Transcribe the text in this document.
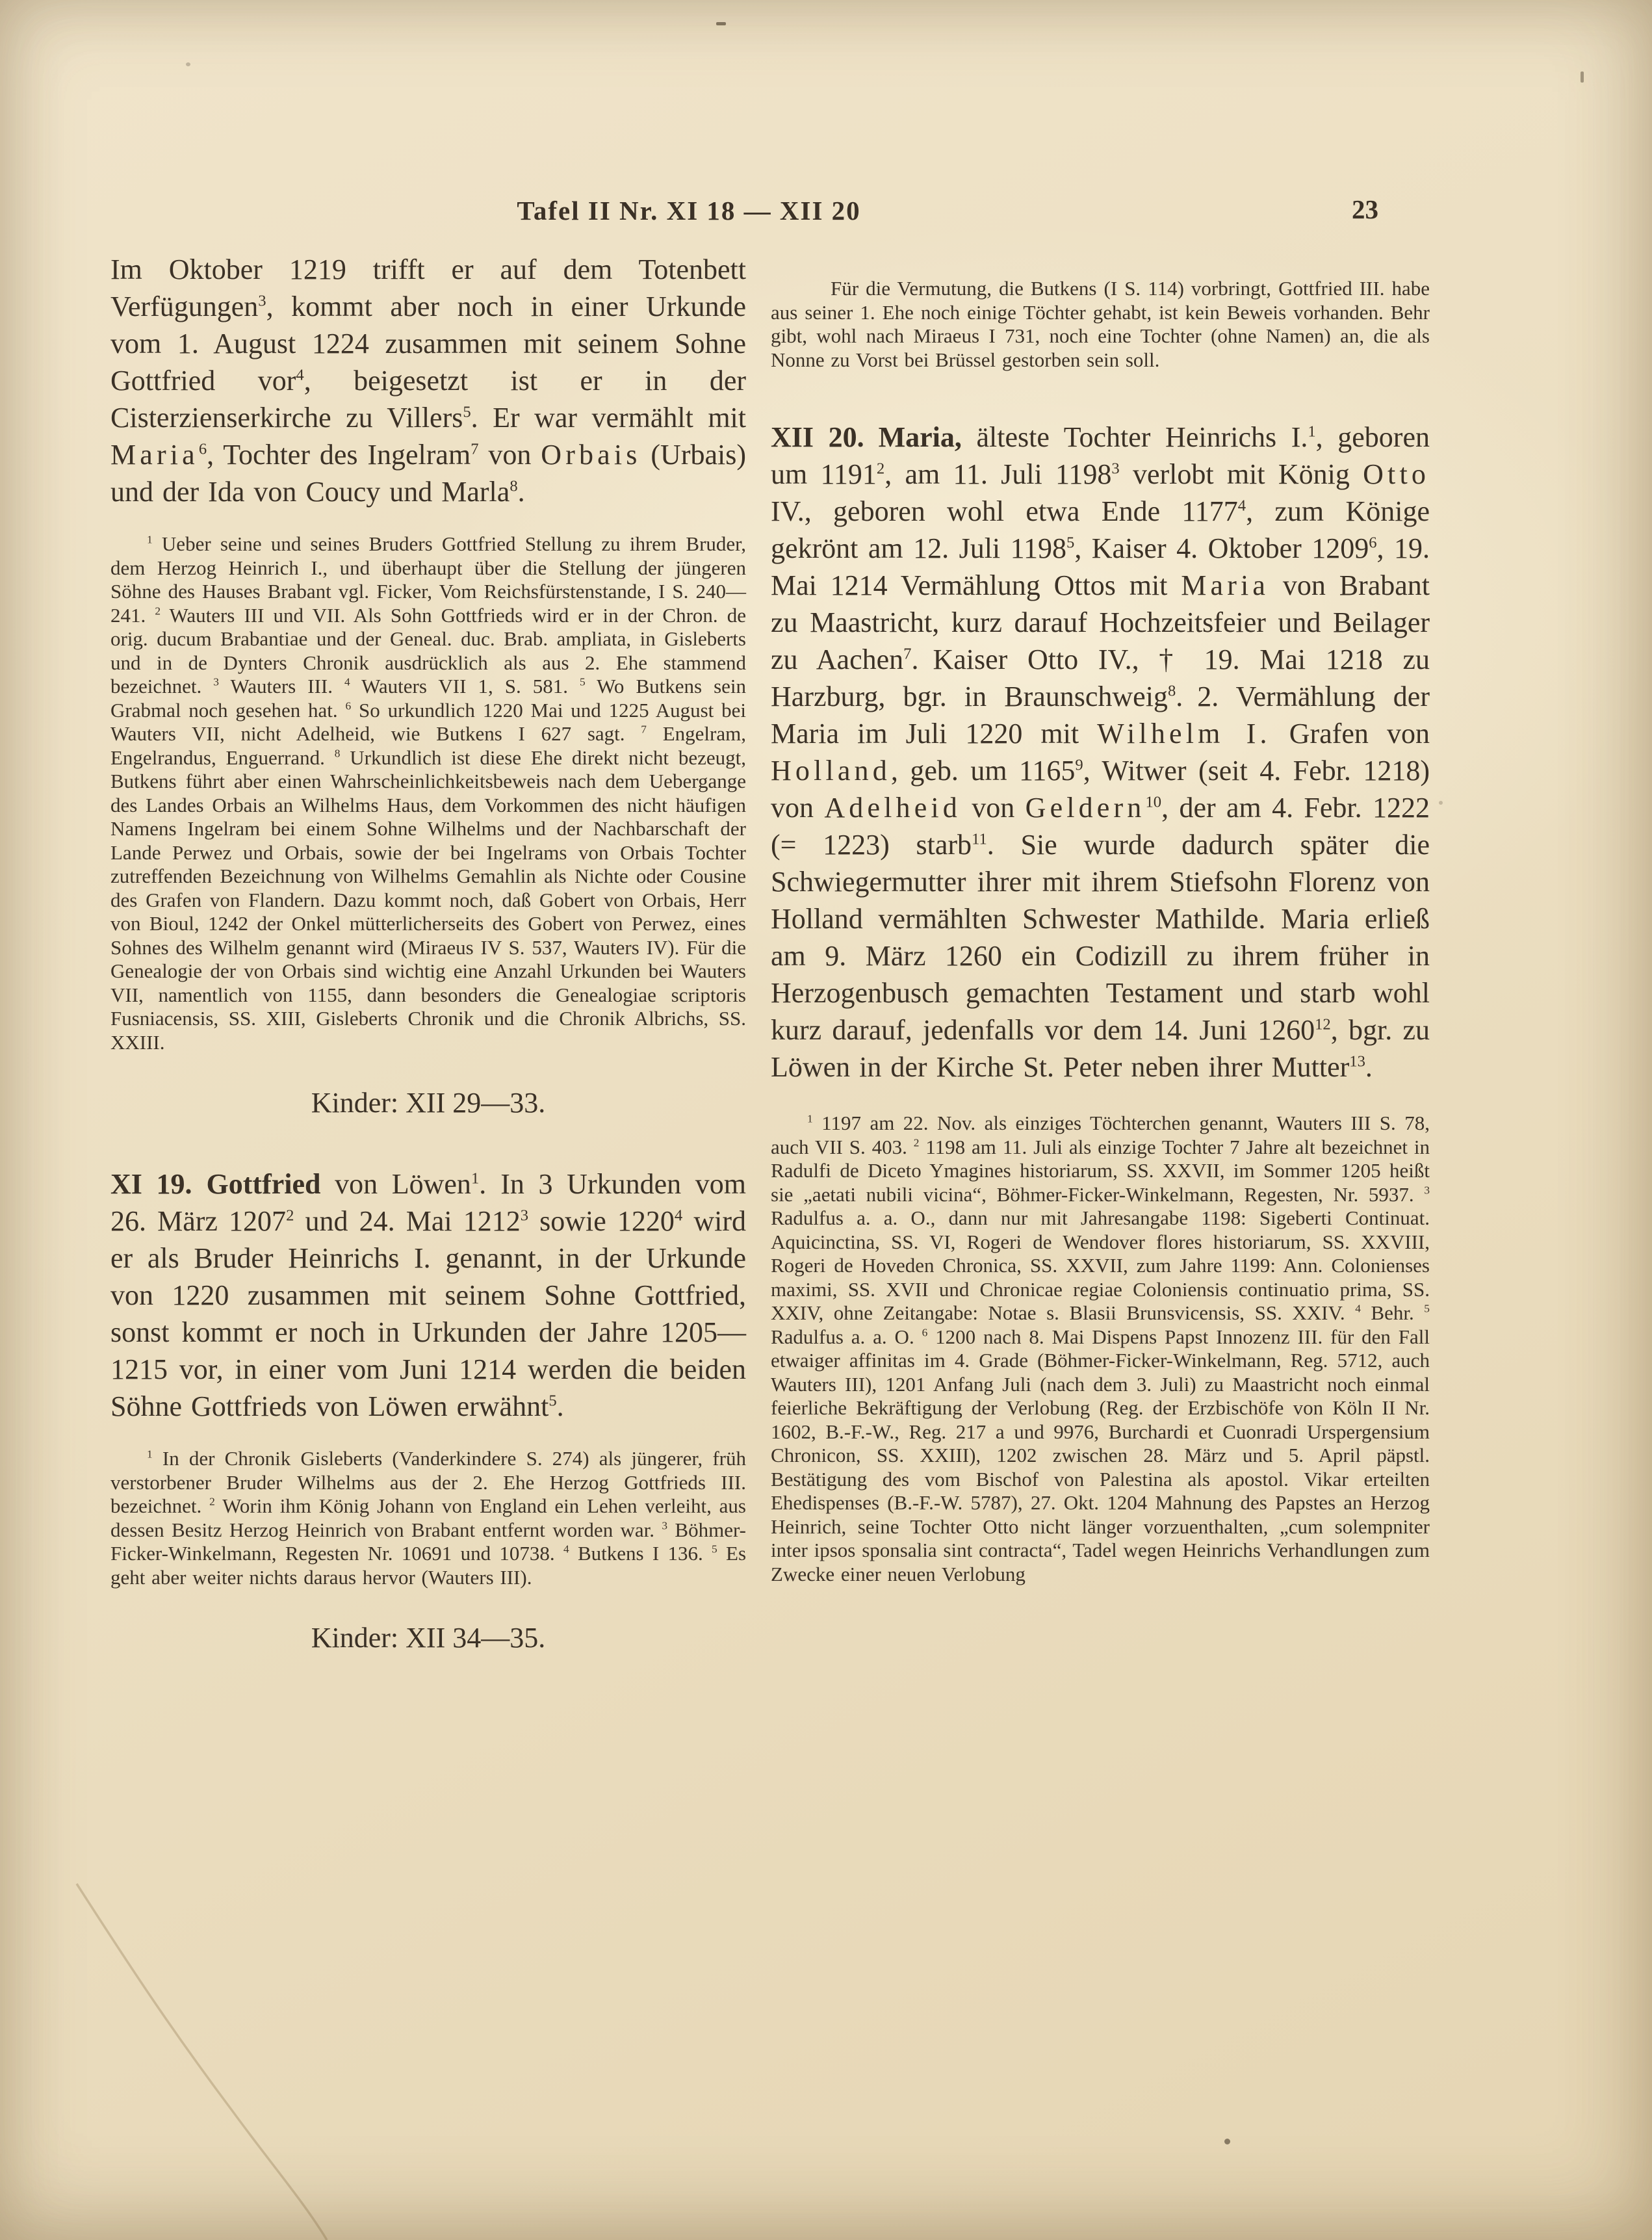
Tafel II Nr. XI 18 — XII 20	23

Im Oktober 1219 trifft er auf dem Totenbett Verfügungen$^3$, kommt aber noch in einer Urkunde vom 1. August 1224 zusammen mit seinem Sohne Gottfried vor$^4$, beigesetzt ist er in der Cisterzienserkirche zu Villers$^5$. Er war vermählt mit Maria$^6$, Tochter des Ingelram$^7$ von Orbais (Urbais) und der Ida von Coucy und Marla$^8$.

$^1$ Ueber seine und seines Bruders Gottfried Stellung zu ihrem Bruder, dem Herzog Heinrich I., und überhaupt über die Stellung der jüngeren Söhne des Hauses Brabant vgl. Ficker, Vom Reichsfürstenstande, I S. 240—241. $^2$ Wauters III und VII. Als Sohn Gottfrieds wird er in der Chron. de orig. ducum Brabantiae und der Geneal. duc. Brab. ampliata, in Gisleberts und in de Dynters Chronik ausdrücklich als aus 2. Ehe stammend bezeichnet. $^3$ Wauters III. $^4$ Wauters VII 1, S. 581. $^5$ Wo Butkens sein Grabmal noch gesehen hat. $^6$ So urkundlich 1220 Mai und 1225 August bei Wauters VII, nicht Adelheid, wie Butkens I 627 sagt. $^7$ Engelram, Engelrandus, Enguerrand. $^8$ Urkundlich ist diese Ehe direkt nicht bezeugt, Butkens führt aber einen Wahrscheinlichkeitsbeweis nach dem Uebergange des Landes Orbais an Wilhelms Haus, dem Vorkommen des nicht häufigen Namens Ingelram bei einem Sohne Wilhelms und der Nachbarschaft der Lande Perwez und Orbais, sowie der bei Ingelrams von Orbais Tochter zutreffenden Bezeichnung von Wilhelms Gemahlin als Nichte oder Cousine des Grafen von Flandern. Dazu kommt noch, daß Gobert von Orbais, Herr von Bioul, 1242 der Onkel mütterlicherseits des Gobert von Perwez, eines Sohnes des Wilhelm genannt wird (Miraeus IV S. 537, Wauters IV). Für die Genealogie der von Orbais sind wichtig eine Anzahl Urkunden bei Wauters VII, namentlich von 1155, dann besonders die Genealogiae scriptoris Fusniacensis, SS. XIII, Gisleberts Chronik und die Chronik Albrichs, SS. XXIII.

Kinder: XII 29—33.

XI 19.  Gottfried von Löwen$^1$. In 3 Urkunden vom 26. März 1207$^2$ und 24. Mai 1212$^3$ sowie 1220$^4$ wird er als Bruder Heinrichs I. genannt, in der Urkunde von 1220 zusammen mit seinem Sohne Gottfried, sonst kommt er noch in Urkunden der Jahre 1205—1215 vor, in einer vom Juni 1214 werden die beiden Söhne Gottfrieds von Löwen erwähnt$^5$.

$^1$ In der Chronik Gisleberts (Vanderkindere S. 274) als jüngerer, früh verstorbener Bruder Wilhelms aus der 2. Ehe Herzog Gottfrieds III. bezeichnet. $^2$ Worin ihm König Johann von England ein Lehen verleiht, aus dessen Besitz Herzog Heinrich von Brabant entfernt worden war. $^3$ Böhmer-Ficker-Winkelmann, Regesten Nr. 10691 und 10738. $^4$ Butkens I 136. $^5$ Es geht aber weiter nichts daraus hervor (Wauters III).

Kinder: XII 34—35.

Für die Vermutung, die Butkens (I S. 114) vorbringt, Gottfried III. habe aus seiner 1. Ehe noch einige Töchter gehabt, ist kein Beweis vorhanden. Behr gibt, wohl nach Miraeus I 731, noch eine Tochter (ohne Namen) an, die als Nonne zu Vorst bei Brüssel gestorben sein soll.

XII 20.  Maria, älteste Tochter Heinrichs I.$^1$, geboren um 1191$^2$, am 11. Juli 1198$^3$ verlobt mit König Otto IV., geboren wohl etwa Ende 1177$^4$, zum Könige gekrönt am 12. Juli 1198$^5$, Kaiser 4. Oktober 1209$^6$, 19. Mai 1214 Vermählung Ottos mit Maria von Brabant zu Maastricht, kurz darauf Hochzeitsfeier und Beilager zu Aachen$^7$. Kaiser Otto IV., † 19. Mai 1218 zu Harzburg, bgr. in Braunschweig$^8$. 2. Vermählung der Maria im Juli 1220 mit Wilhelm I. Grafen von Holland, geb. um 1165$^9$, Witwer (seit 4. Febr. 1218) von Adelheid von Geldern$^{10}$, der am 4. Febr. 1222 (= 1223) starb$^{11}$. Sie wurde dadurch später die Schwiegermutter ihrer mit ihrem Stiefsohn Florenz von Holland vermählten Schwester Mathilde. Maria erließ am 9. März 1260 ein Codizill zu ihrem früher in Herzogenbusch gemachten Testament und starb wohl kurz darauf, jedenfalls vor dem 14. Juni 1260$^{12}$, bgr. zu Löwen in der Kirche St. Peter neben ihrer Mutter$^{13}$.

$^1$ 1197 am 22. Nov. als einziges Töchterchen genannt, Wauters III S. 78, auch VII S. 403. $^2$ 1198 am 11. Juli als einzige Tochter 7 Jahre alt bezeichnet in Radulfi de Diceto Ymagines historiarum, SS. XXVII, im Sommer 1205 heißt sie „aetati nubili vicina“, Böhmer-Ficker-Winkelmann, Regesten, Nr. 5937. $^3$ Radulfus a. a. O., dann nur mit Jahresangabe 1198: Sigeberti Continuat. Aquicinctina, SS. VI, Rogeri de Wendover flores historiarum, SS. XXVIII, Rogeri de Hoveden Chronica, SS. XXVII, zum Jahre 1199: Ann. Colonienses maximi, SS. XVII und Chronicae regiae Coloniensis continuatio prima, SS. XXIV, ohne Zeitangabe: Notae s. Blasii Brunsvicensis, SS. XXIV. $^4$ Behr. $^5$ Radulfus a. a. O. $^6$ 1200 nach 8. Mai Dispens Papst Innozenz III. für den Fall etwaiger affinitas im 4. Grade (Böhmer-Ficker-Winkelmann, Reg. 5712, auch Wauters III), 1201 Anfang Juli (nach dem 3. Juli) zu Maastricht noch einmal feierliche Bekräftigung der Verlobung (Reg. der Erzbischöfe von Köln II Nr. 1602, B.-F.-W., Reg. 217 a und 9976, Burchardi et Cuonradi Urspergensium Chronicon, SS. XXIII), 1202 zwischen 28. März und 5. April päpstl. Bestätigung des vom Bischof von Palestina als apostol. Vikar erteilten Ehedispenses (B.-F.-W. 5787), 27. Okt. 1204 Mahnung des Papstes an Herzog Heinrich, seine Tochter Otto nicht länger vorzuenthalten, „cum solempniter inter ipsos sponsalia sint contracta“, Tadel wegen Heinrichs Verhandlungen zum Zwecke einer neuen Verlobung
